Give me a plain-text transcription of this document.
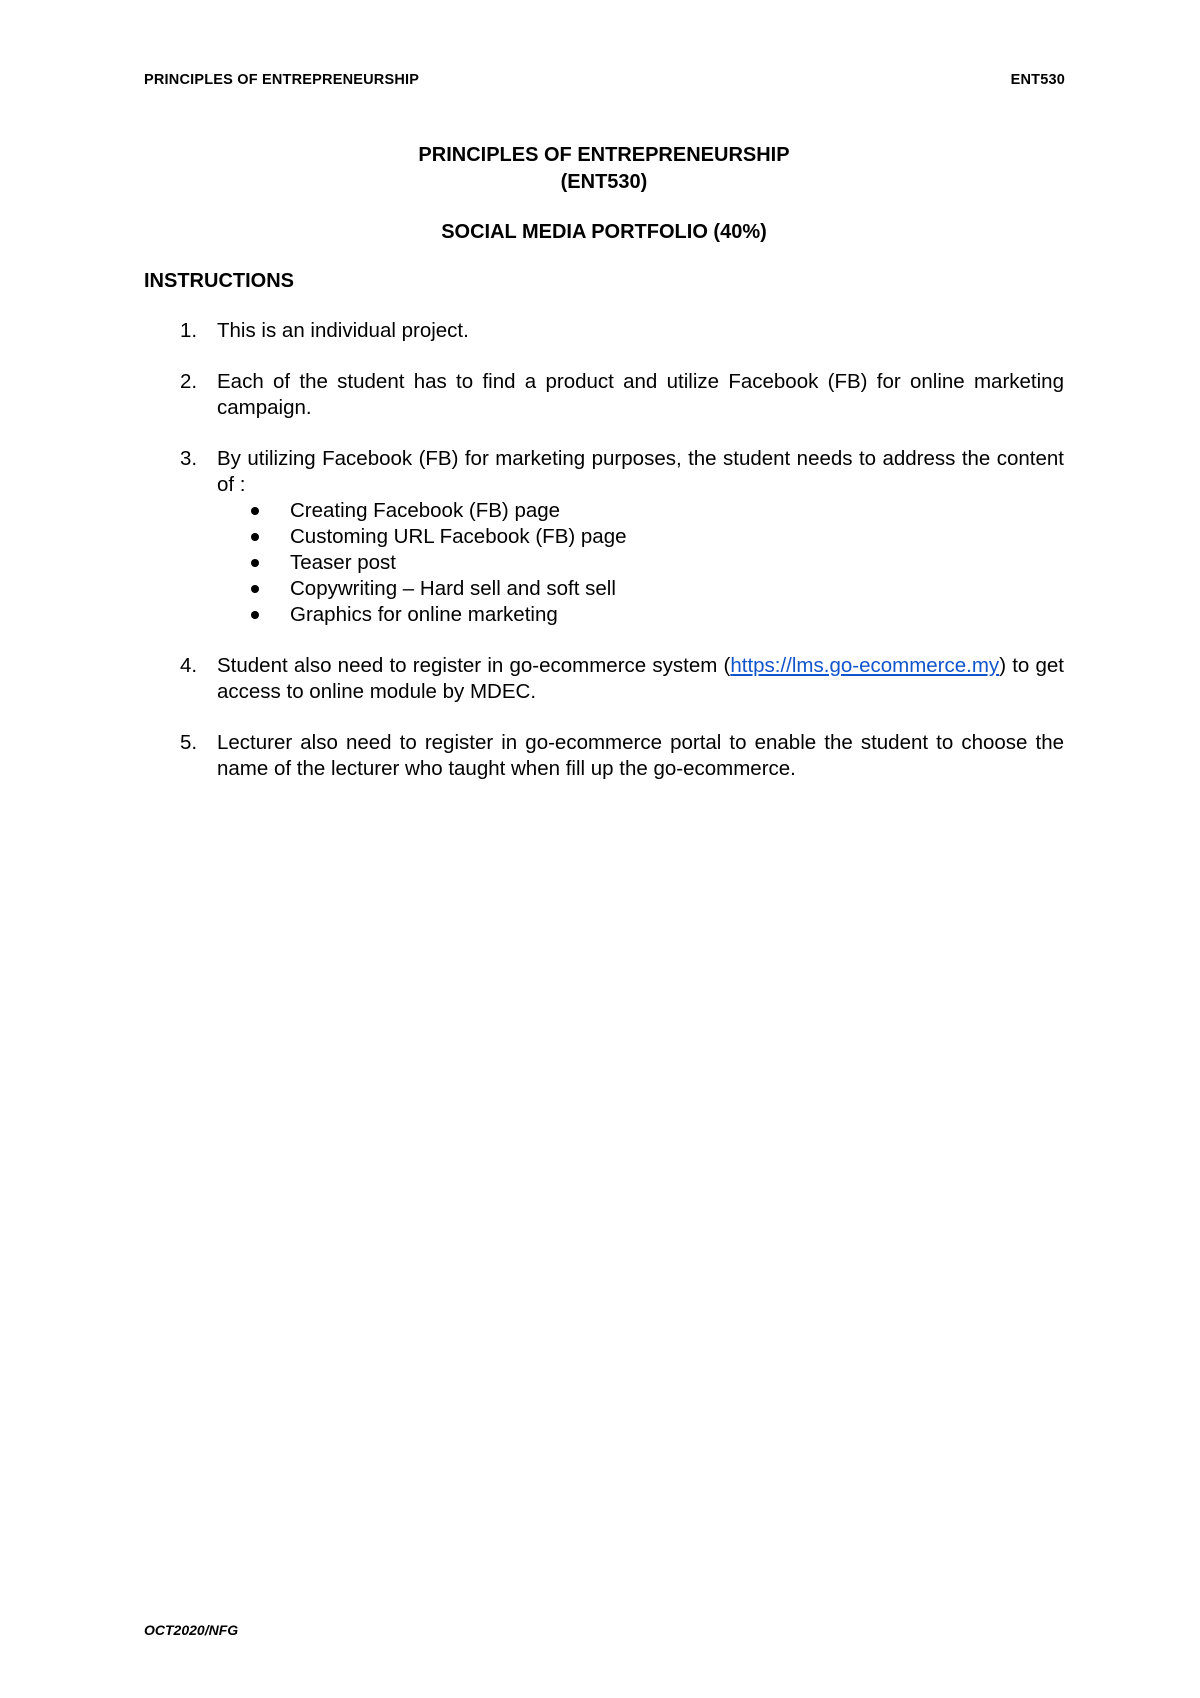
PRINCIPLES OF ENTREPRENEURSHIP	ENT530
PRINCIPLES OF ENTREPRENEURSHIP
(ENT530)
SOCIAL MEDIA PORTFOLIO (40%)
INSTRUCTIONS
1. This is an individual project.
2. Each of the student has to find a product and utilize Facebook (FB) for online marketing campaign.
3. By utilizing Facebook (FB) for marketing purposes, the student needs to address the content of :
Creating Facebook (FB) page
Customing URL Facebook (FB) page
Teaser post
Copywriting – Hard sell and soft sell
Graphics for online marketing
4. Student also need to register in go-ecommerce system (https://lms.go-ecommerce.my) to get access to online module by MDEC.
5. Lecturer also need to register in go-ecommerce portal to enable the student to choose the name of the lecturer who taught when fill up the go-ecommerce.
OCT2020/NFG
